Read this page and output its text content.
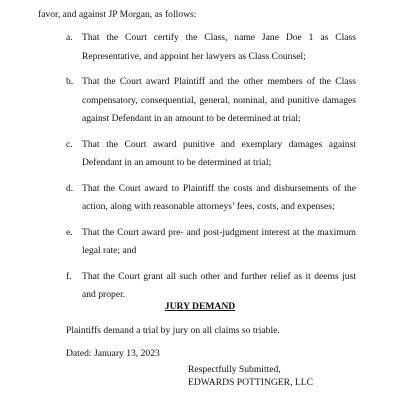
favor, and against JP Morgan, as follows:
a. That the Court certify the Class, name Jane Doe 1 as Class Representative, and appoint her lawyers as Class Counsel;
b. That the Court award Plaintiff and the other members of the Class compensatory, consequential, general, nominal, and punitive damages against Defendant in an amount to be determined at trial;
c. That the Court award punitive and exemplary damages against Defendant in an amount to be determined at trial;
d. That the Court award to Plaintiff the costs and disbursements of the action, along with reasonable attorneys’ fees, costs, and expenses;
e. That the Court award pre- and post-judgment interest at the maximum legal rate; and
f. That the Court grant all such other and further relief as it deems just and proper.
JURY DEMAND
Plaintiffs demand a trial by jury on all claims so triable.
Dated: January 13, 2023
Respectfully Submitted,
EDWARDS POTTINGER, LLC
